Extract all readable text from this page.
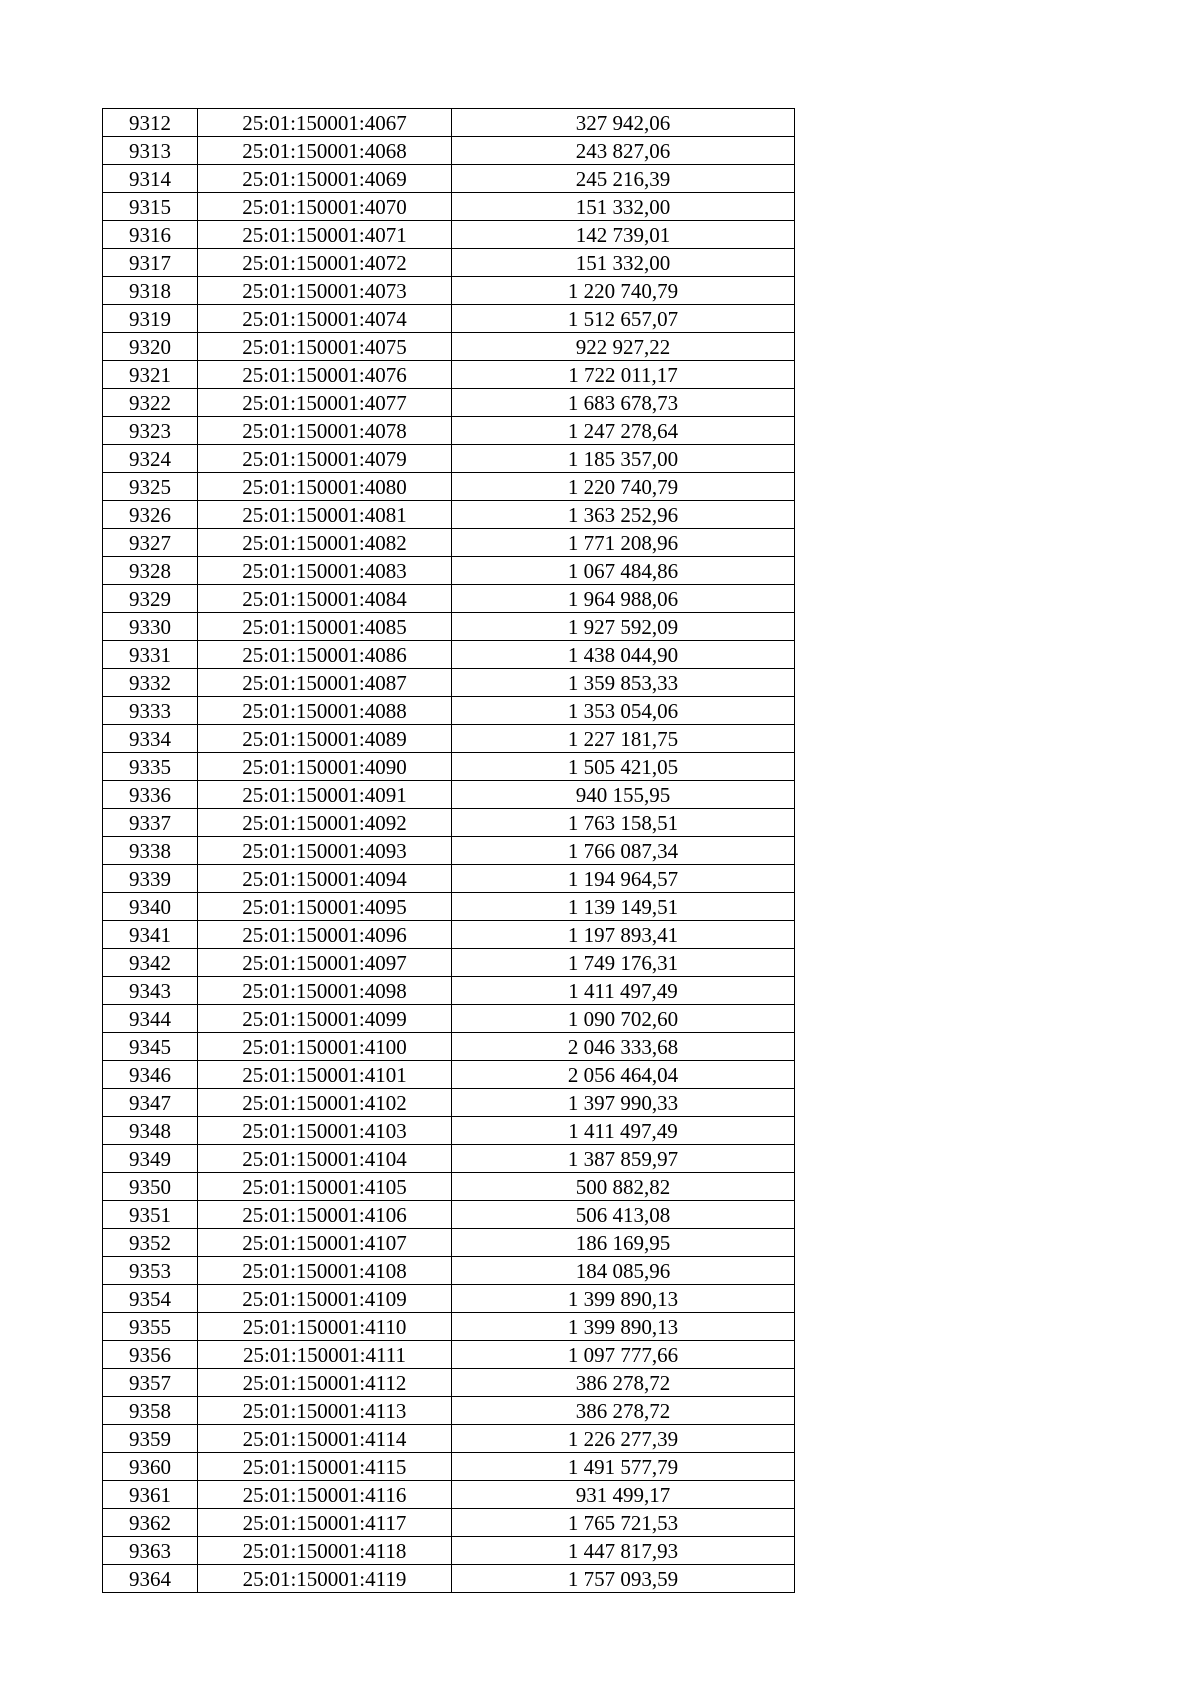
9312	25:01:150001:4067	327 942,06
9313	25:01:150001:4068	243 827,06
9314	25:01:150001:4069	245 216,39
9315	25:01:150001:4070	151 332,00
9316	25:01:150001:4071	142 739,01
9317	25:01:150001:4072	151 332,00
9318	25:01:150001:4073	1 220 740,79
9319	25:01:150001:4074	1 512 657,07
9320	25:01:150001:4075	922 927,22
9321	25:01:150001:4076	1 722 011,17
9322	25:01:150001:4077	1 683 678,73
9323	25:01:150001:4078	1 247 278,64
9324	25:01:150001:4079	1 185 357,00
9325	25:01:150001:4080	1 220 740,79
9326	25:01:150001:4081	1 363 252,96
9327	25:01:150001:4082	1 771 208,96
9328	25:01:150001:4083	1 067 484,86
9329	25:01:150001:4084	1 964 988,06
9330	25:01:150001:4085	1 927 592,09
9331	25:01:150001:4086	1 438 044,90
9332	25:01:150001:4087	1 359 853,33
9333	25:01:150001:4088	1 353 054,06
9334	25:01:150001:4089	1 227 181,75
9335	25:01:150001:4090	1 505 421,05
9336	25:01:150001:4091	940 155,95
9337	25:01:150001:4092	1 763 158,51
9338	25:01:150001:4093	1 766 087,34
9339	25:01:150001:4094	1 194 964,57
9340	25:01:150001:4095	1 139 149,51
9341	25:01:150001:4096	1 197 893,41
9342	25:01:150001:4097	1 749 176,31
9343	25:01:150001:4098	1 411 497,49
9344	25:01:150001:4099	1 090 702,60
9345	25:01:150001:4100	2 046 333,68
9346	25:01:150001:4101	2 056 464,04
9347	25:01:150001:4102	1 397 990,33
9348	25:01:150001:4103	1 411 497,49
9349	25:01:150001:4104	1 387 859,97
9350	25:01:150001:4105	500 882,82
9351	25:01:150001:4106	506 413,08
9352	25:01:150001:4107	186 169,95
9353	25:01:150001:4108	184 085,96
9354	25:01:150001:4109	1 399 890,13
9355	25:01:150001:4110	1 399 890,13
9356	25:01:150001:4111	1 097 777,66
9357	25:01:150001:4112	386 278,72
9358	25:01:150001:4113	386 278,72
9359	25:01:150001:4114	1 226 277,39
9360	25:01:150001:4115	1 491 577,79
9361	25:01:150001:4116	931 499,17
9362	25:01:150001:4117	1 765 721,53
9363	25:01:150001:4118	1 447 817,93
9364	25:01:150001:4119	1 757 093,59
